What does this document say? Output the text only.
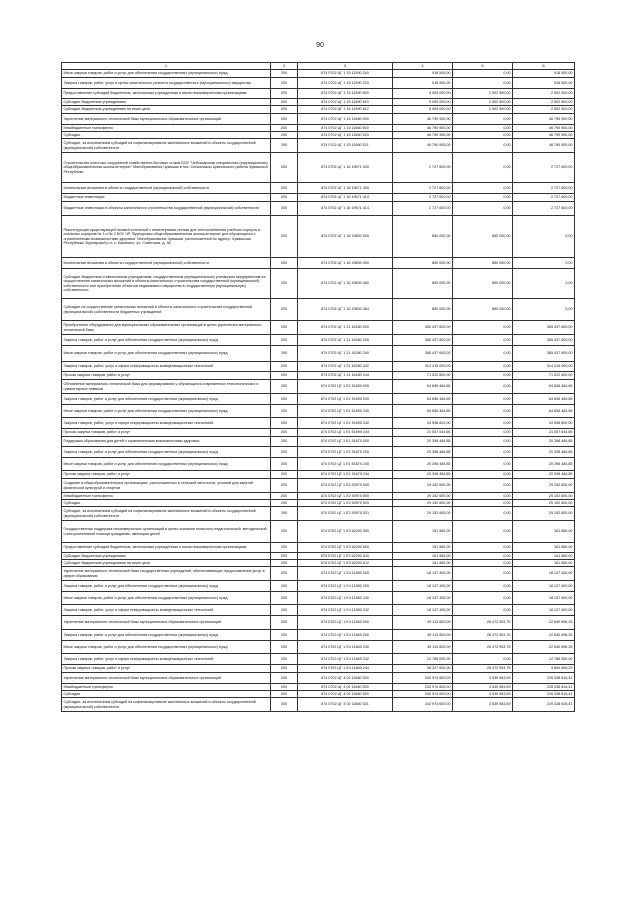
90
1	2	3	4	5	6
Иные закупки товаров, работ и услуг для обеспечения государственных (муниципальных) нужд	200	874 0702 ЦГ 1 15 11590 240	918 500,00	0,00	918 500,00
Закупка товаров, работ, услуг в целях капитального ремонта государственного (муниципального) имущества	200	874 0702 ЦГ 1 15 11590 243	918 500,00	0,00	918 500,00
Предоставление субсидий бюджетным, автономным учреждениям и иным некоммерческим организациям	200	874 0702 ЦГ 1 15 11590 600	5 005 000,00	2 502 500,00	2 502 500,00
Субсидии бюджетным учреждениям	200	874 0702 ЦГ 1 15 11590 610	5 005 000,00	2 502 500,00	2 502 500,00
Субсидии бюджетным учреждениям на иные цели	200	874 0702 ЦГ 1 15 11590 612	5 005 000,00	2 502 500,00	2 502 500,00
Укрепление материально-технической базы муниципальных образовательных организаций	200	874 0702 ЦГ 1 15 11660 000	46 790 900,00	0,00	46 790 900,00
Межбюджетные трансферты	200	874 0702 ЦГ 1 15 11660 500	46 790 900,00	0,00	46 790 900,00
Субсидии	200	874 0702 ЦГ 1 15 11660 520	46 790 900,00	0,00	46 790 900,00
Субсидии, за исключением субсидий на софинансирование капитальных вложений в объекты государственной (муниципальной) собственности	200	874 0702 ЦГ 1 15 11660 521	46 790 900,00	0,00	46 790 900,00
Строительство очистных сооружений хозяйственно-бытовых стоков БОУ "Чебоксарская специальная (коррекционная) общеобразовательная школа-интернат" Минобразования Чувашии в пос. Сеньялкасы Цивильского района Чувашской Республики	200	874 0702 ЦГ 1 16 19571 000	2 727 600,00	0,00	2 727 600,00
Капитальные вложения в объекты государственной (муниципальной) собственности	200	874 0702 ЦГ 1 16 19571 400	2 727 600,00	0,00	2 727 600,00
Бюджетные инвестиции	200	874 0702 ЦГ 1 16 19571 410	2 727 600,00	0,00	2 727 600,00
Бюджетные инвестиции в объекты капитального строительства государственной (муниципальной) собственности	200	874 0702 ЦГ 1 16 19571 414	2 727 600,00	0,00	2 727 600,00
Реконструкция существующей газовой котельной с инженерными сетями для теплоснабжения учебного корпуса и спальных корпусов № 1 и № 2 БОУ ЧР "Вурнарская общеобразовательная школа-интернат для обучающихся с ограниченными возможностями здоровья" Минобразования Чувашии, расположенной по адресу: Чувашская Республика, Вурнарский р-н, с. Калинино, ул. Советская, д. 38	200	874 0702 ЦГ 1 16 19800 000	850 000,00	850 000,00	0,00
Капитальные вложения в объекты государственной (муниципальной) собственности	200	874 0702 ЦГ 1 16 19800 400	850 000,00	850 000,00	0,00
Субсидии бюджетным и автономным учреждениям, государственным (муниципальным) унитарным предприятиям на осуществление капитальных вложений в объекты капитального строительства государственной (муниципальной) собственности или приобретение объектов недвижимого имущества в государственную (муниципальную) собственность	200	874 0702 ЦГ 1 16 19800 460	850 000,00	850 000,00	0,00
Субсидии на осуществление капитальных вложений в объекты капитального строительства государственной (муниципальной) собственности бюджетных учреждений	200	874 0702 ЦГ 1 16 19800 464	850 000,00	850 000,00	0,00
Приобретение оборудования для муниципальных образовательных организаций в целях укрепления материально-технической базы	200	874 0702 ЦГ 1 21 16280 000	365 437 600,00	0,00	365 437 600,00
Закупка товаров, работ и услуг для обеспечения государственных (муниципальных) нужд	200	874 0702 ЦГ 1 21 16280 200	365 437 600,00	0,00	365 437 600,00
Иные закупки товаров, работ и услуг для обеспечения государственных (муниципальных) нужд	200	874 0702 ЦГ 1 21 16280 240	365 437 600,00	0,00	365 437 600,00
Закупка товаров, работ, услуг в сфере информационно-коммуникационных технологий	200	874 0702 ЦГ 1 21 16280 242	314 415 000,00	0,00	314 415 000,00
Прочая закупка товаров, работ и услуг	200	874 0702 ЦГ 1 21 16280 244	71 022 600,00	0,00	71 022 600,00
Обновление материально-технической базы для формирования у обучающихся современных технологических и гуманитарных навыков	200	874 0702 ЦГ 1 E1 51690 000	64 656 464,65	0,00	64 656 464,65
Закупка товаров, работ и услуг для обеспечения государственных (муниципальных) нужд	200	874 0702 ЦГ 1 E1 51690 200	64 656 464,65	0,00	64 656 464,65
Иные закупки товаров, работ и услуг для обеспечения государственных (муниципальных) нужд	200	874 0702 ЦГ 1 E1 51690 240	64 656 464,65	0,00	64 656 464,65
Закупка товаров, работ, услуг в сфере информационно-коммуникационных технологий	200	874 0702 ЦГ 1 E1 51690 242	43 598 820,00	0,00	43 598 820,00
Прочая закупка товаров, работ и услуг	200	874 0702 ЦГ 1 E1 51690 244	21 057 644,65	0,00	21 057 644,65
Поддержка образования для детей с ограниченными возможностями здоровья	200	874 0702 ЦГ 1 E1 51870 000	20 398 484,85	0,00	20 398 484,85
Закупка товаров, работ и услуг для обеспечения государственных (муниципальных) нужд	200	874 0702 ЦГ 1 E1 51870 200	20 398 484,85	0,00	20 398 484,85
Иные закупки товаров, работ и услуг для обеспечения государственных (муниципальных) нужд	200	874 0702 ЦГ 1 E1 51870 240	20 398 484,85	0,00	20 398 484,85
Прочая закупка товаров, работ и услуг	200	874 0702 ЦГ 1 E1 51870 244	20 398 484,85	0,00	20 398 484,85
Создание в общеобразовательных организациях, расположенных в сельской местности, условий для занятий физической культурой и спортом	200	874 0702 ЦГ 1 E2 50970 000	29 152 600,00	0,00	29 152 600,00
Межбюджетные трансферты	200	874 0702 ЦГ 1 E2 50970 500	29 152 600,00	0,00	29 152 600,00
Субсидии	200	874 0702 ЦГ 1 E2 50970 520	29 152 600,00	0,00	29 152 600,00
Субсидии, за исключением субсидий на софинансирование капитальных вложений в объекты государственной (муниципальной) собственности	200	874 0702 ЦГ 1 E2 50970 521	29 152 600,00	0,00	29 152 600,00
Государственная поддержка некоммерческих организаций в целях оказания психолого-педагогической, методической и консультативной помощи гражданам, имеющим детей	200	874 0702 ЦГ 1 E3 62292 000	161 569,00	0,00	161 569,00
Предоставление субсидий бюджетным, автономным учреждениям и иным некоммерческим организациям	200	874 0702 ЦГ 1 E3 62292 600	161 569,00	0,00	161 569,00
Субсидии бюджетным учреждениям	200	874 0702 ЦГ 1 E3 62292 610	161 569,00	0,00	161 569,00
Субсидии бюджетным учреждениям на иные цели	200	874 0702 ЦГ 1 E3 62292 612	161 569,00	0,00	161 569,00
Укрепление материально-технической базы государственных учреждений, обеспечивающих предоставление услуг в сфере образования	200	874 0702 ЦГ 1 E4 11580 000	18 137 400,00	0,00	18 137 400,00
Закупка товаров, работ и услуг для обеспечения государственных (муниципальных) нужд	200	874 0702 ЦГ 1 E4 11580 200	18 137 400,00	0,00	18 137 400,00
Иные закупки товаров, работ и услуг для обеспечения государственных (муниципальных) нужд	200	874 0702 ЦГ 1 E4 11580 240	18 137 400,00	0,00	18 137 400,00
Закупка товаров, работ, услуг в сфере информационно-коммуникационных технологий	200	874 0702 ЦГ 1 E4 11580 242	18 137 400,00	0,00	18 137 400,00
Укрепление материально-технической базы муниципальных образовательных организаций	200	874 0702 ЦГ 1 E4 11660 000	49 113 600,00	26 472 903,75	22 640 696,25
Закупка товаров, работ и услуг для обеспечения государственных (муниципальных) нужд	200	874 0702 ЦГ 1 E4 11660 200	49 113 600,00	26 472 903,75	22 640 696,25
Иные закупки товаров, работ и услуг для обеспечения государственных (муниципальных) нужд	200	874 0702 ЦГ 1 E4 11660 240	49 113 600,00	26 472 903,75	22 640 696,25
Закупка товаров, работ, услуг в сфере информационно-коммуникационных технологий	200	874 0702 ЦГ 1 E4 11660 242	12 786 000,00	0,00	12 786 000,00
Прочая закупка товаров, работ и услуг	200	874 0702 ЦГ 1 E4 11660 244	36 327 600,00	26 472 903,75	9 854 696,25
Укрепление материально-технической базы муниципальных образовательных организаций	200	874 0702 ЦГ 4 02 11660 000	242 974 600,00	3 535 983,59	239 338 616,41
Межбюджетные трансферты	200	874 0702 ЦГ 4 02 11660 500	242 974 600,00	3 535 983,59	239 338 616,41
Субсидии	200	874 0702 ЦГ 4 02 11660 520	242 974 600,00	3 535 983,59	239 338 616,41
Субсидии, за исключением субсидий на софинансирование капитальных вложений в объекты государственной (муниципальной) собственности	200	874 0702 ЦГ 4 02 11660 521	242 974 600,00	3 535 983,59	239 338 616,41
